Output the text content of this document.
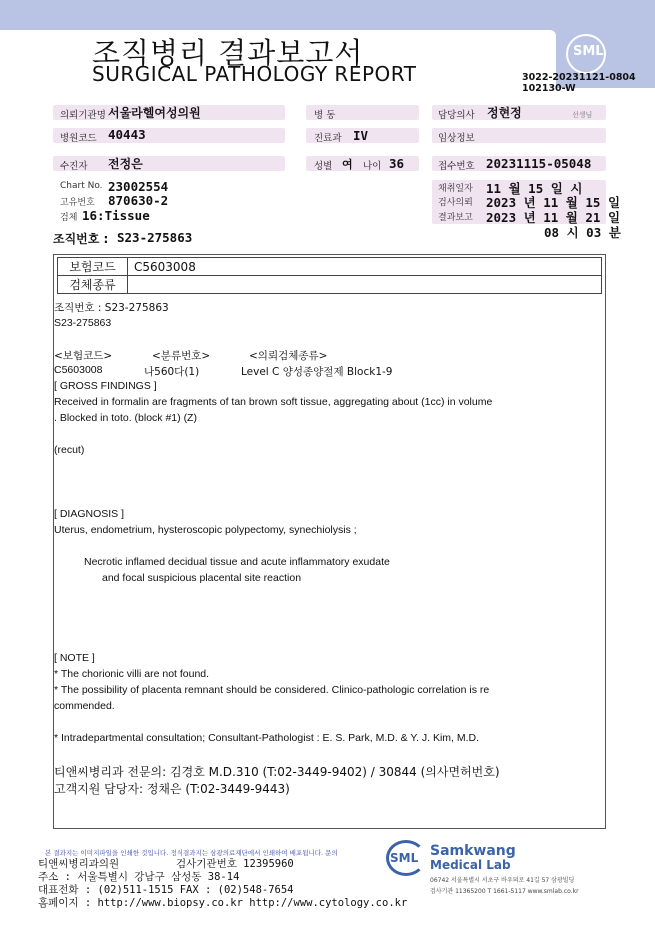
조직병리 결과보고서
SURGICAL PATHOLOGY REPORT
SML
3022-20231121-0804
102130-W
의뢰기관명 서울라헬여성의원	병 동	담당의사 정현정	선생님
병원코드 40443	진료과 IV	임상정보
수진자 전정은	성별 여 나이 36	접수번호 20231115-05048
Chart No. 23002554
고유번호 870630-2
검체 16:Tissue
채취일자 11 월 15 일 시
검사의뢰 2023 년 11 월 15 일
결과보고 2023 년 11 월 21 일
08 시 03 분
조직번호 : S23-275863
보험코드	C5603008
검체종류	
조직번호 : S23-275863
S23-275863
<보험코드>	<분류번호>	<의뢰검체종류>
C5603008	나560다(1)	Level C 양성종양절제 Block1-9
[ GROSS FINDINGS ]
Received in formalin are fragments of tan brown soft tissue, aggregating about (1cc) in volume
. Blocked in toto. (block #1) (Z)
(recut)
[ DIAGNOSIS ]
Uterus, endometrium, hysteroscopic polypectomy, synechiolysis ;
Necrotic inflamed decidual tissue and acute inflammatory exudate
and focal suspicious placental site reaction
[ NOTE ]
* The chorionic villi are not found.
* The possibility of placenta remnant should be considered. Clinico-pathologic correlation is re
commended.
* Intradepartmental consultation; Consultant-Pathologist : E. S. Park, M.D. & Y. J. Kim, M.D.
티앤씨병리과 전문의: 김경호 M.D.310 (T:02-3449-9402) / 30844 (의사면허번호)
고객지원 담당자: 정채은 (T:02-3449-9443)
본 결과지는 이미지파일을 인쇄한 것입니다. 정식결과지는 삼광의료재단에서 인쇄하여 배포됩니다. 문의
티앤씨병리과의원	검사기관번호 12395960
주소 : 서울특별시 강남구 삼성동 38-14
대표전화 : (02)511-1515 FAX : (02)548-7654
홈페이지 : http://www.biopsy.co.kr http://www.cytology.co.kr
SML Samkwang
Medical Lab
06742 서울특별시 서초구 바우뫼로 41길 57 삼광빌딩
검사기관 11365200 T 1661-5117 www.smlab.co.kr
